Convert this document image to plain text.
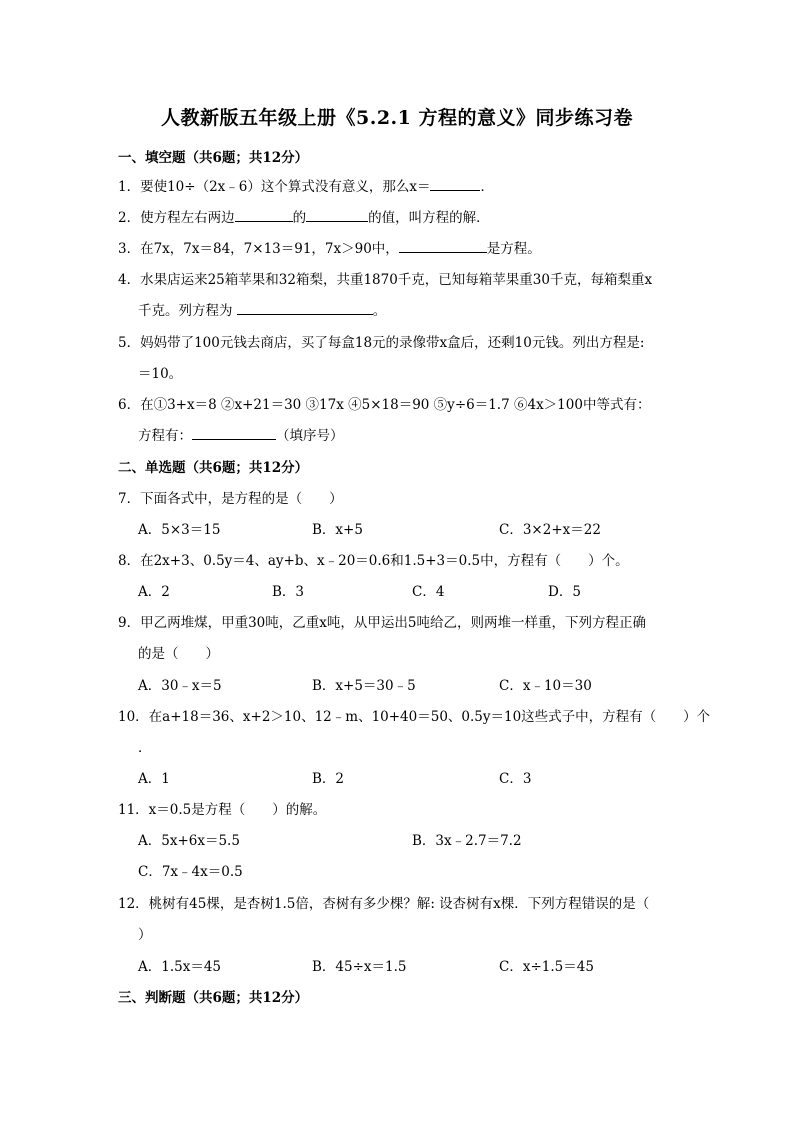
人教新版五年级上册《5.2.1 方程的意义》同步练习卷
一、填空题（共6题；共12分）
1．要使10÷（2x﹣6）这个算式没有意义，那么x＝	．
2．使方程左右两边	的	的值，叫方程的解．
3．在7x，7x＝84，7×13＝91，7x＞90中，	是方程。
4．水果店运来25箱苹果和32箱梨，共重1870千克，已知每箱苹果重30千克，每箱梨重x
千克。列方程为	。
5．妈妈带了100元钱去商店，买了每盒18元的录像带x盒后，还剩10元钱。列出方程是:
＝10。
6．在①3+x＝8 ②x+21＝30 ③17x ④5×18＝90 ⑤y÷6＝1.7 ⑥4x＞100中等式有：
方程有：	（填序号）
二、单选题（共6题；共12分）
7．下面各式中，是方程的是（　　）
A．5×3＝15	B．x+5	C．3×2+x＝22
8．在2x+3、0.5y＝4、ay+b、x﹣20＝0.6和1.5+3＝0.5中，方程有（　　）个。
A．2	B．3	C．4	D．5
9．甲乙两堆煤，甲重30吨，乙重x吨，从甲运出5吨给乙，则两堆一样重，下列方程正确
的是（　　）
A．30﹣x＝5	B．x+5＝30﹣5	C．x﹣10＝30
10．在a+18＝36、x+2＞10、12﹣m、10+40＝50、0.5y＝10这些式子中，方程有（　　）个
．
A．1	B．2	C．3
11．x＝0.5是方程（　　）的解。
A．5x+6x＝5.5	B．3x﹣2.7＝7.2
C．7x﹣4x＝0.5
12．桃树有45棵，是杏树1.5倍，杏树有多少棵？解: 设杏树有x棵．下列方程错误的是（
）
A．1.5x＝45	B．45÷x＝1.5	C．x÷1.5＝45
三、判断题（共6题；共12分）
